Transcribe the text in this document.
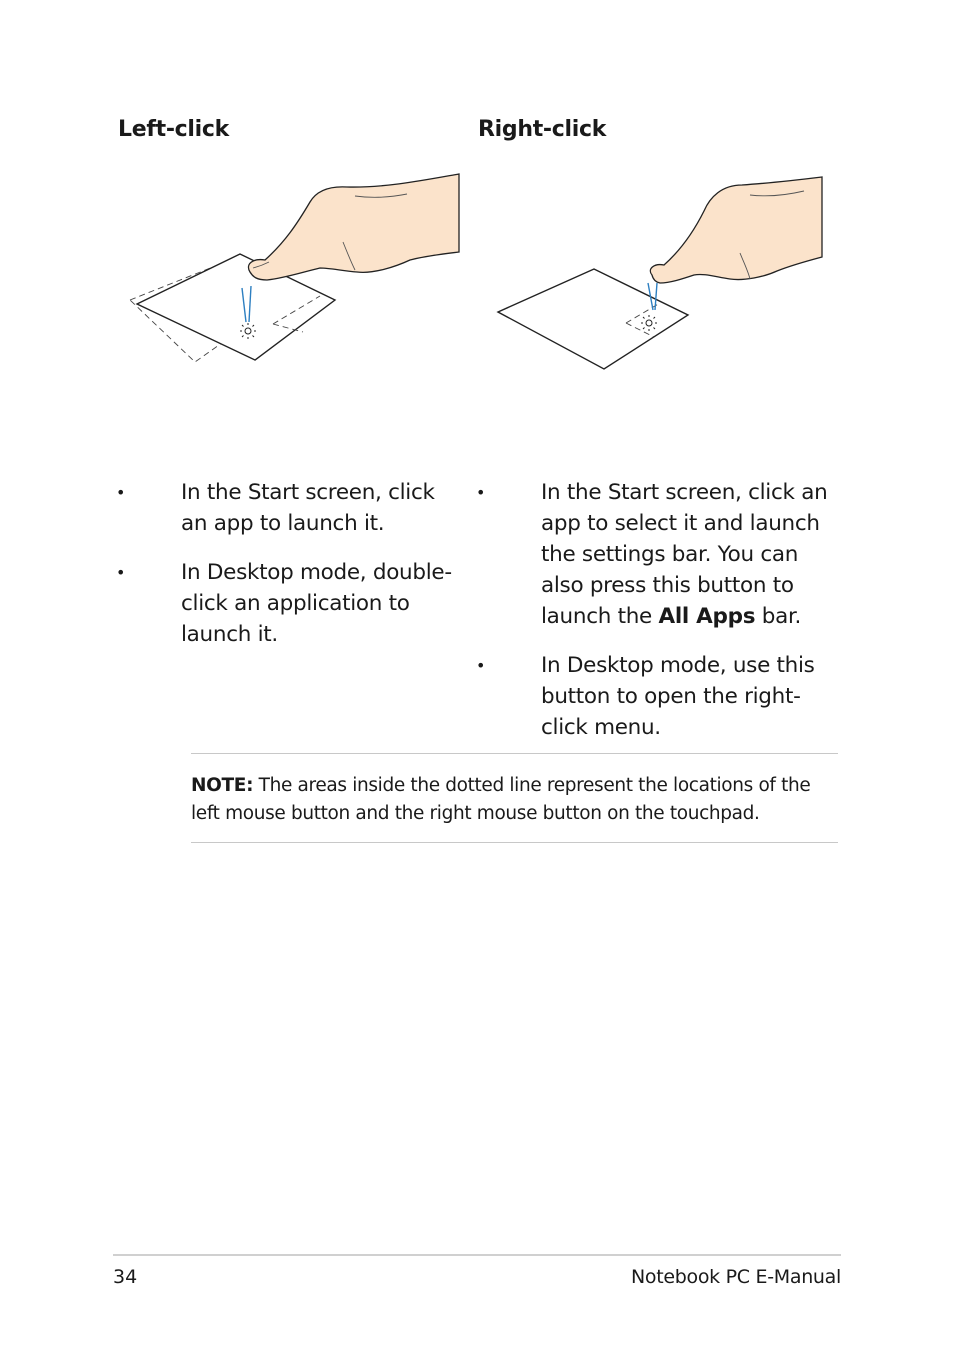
Left-click	Right-click
•	In the Start screen, click an app to launch it.
•	In Desktop mode, double-click an application to launch it.
•	In the Start screen, click an app to select it and launch the settings bar. You can also press this button to launch the All Apps bar.
•	In Desktop mode, use this button to open the right-click menu.
NOTE: The areas inside the dotted line represent the locations of the left mouse button and the right mouse button on the touchpad.
34	Notebook PC E-Manual
